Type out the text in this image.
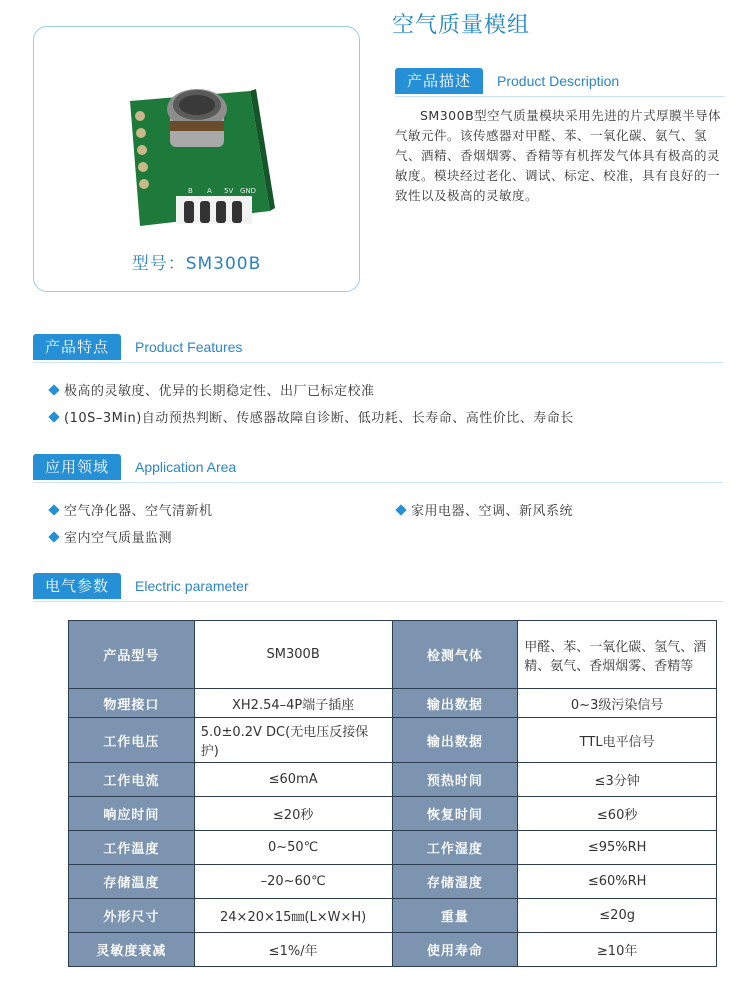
空气质量模组
B A 5V GND
型号：SM300B
产品描述	Product Description
SM300B型空气质量模块采用先进的片式厚膜半导体气敏元件。该传感器对甲醛、苯、一氧化碳、氨气、氢气、酒精、香烟烟雾、香精等有机挥发气体具有极高的灵敏度。模块经过老化、调试、标定、校准，具有良好的一致性以及极高的灵敏度。
产品特点	Product Features
极高的灵敏度、优异的长期稳定性、出厂已标定校准
(10S–3Min)自动预热判断、传感器故障自诊断、低功耗、长寿命、高性价比、寿命长
应用领域	Application Area
空气净化器、空气清新机	家用电器、空调、新风系统
室内空气质量监测
电气参数	Electric parameter
产品型号	SM300B	检测气体	甲醛、苯、一氧化碳、氢气、酒精、氨气、香烟烟雾、香精等
物理接口	XH2.54–4P端子插座	输出数据	0~3级污染信号
工作电压	5.0±0.2V DC(无电压反接保护)	输出数据	TTL电平信号
工作电流	≤60mA	预热时间	≤3分钟
响应时间	≤20秒	恢复时间	≤60秒
工作温度	0~50℃	工作湿度	≤95%RH
存储温度	–20~60℃	存储湿度	≤60%RH
外形尺寸	24×20×15㎜(L×W×H)	重量	≤20g
灵敏度衰减	≤1%/年	使用寿命	≥10年
